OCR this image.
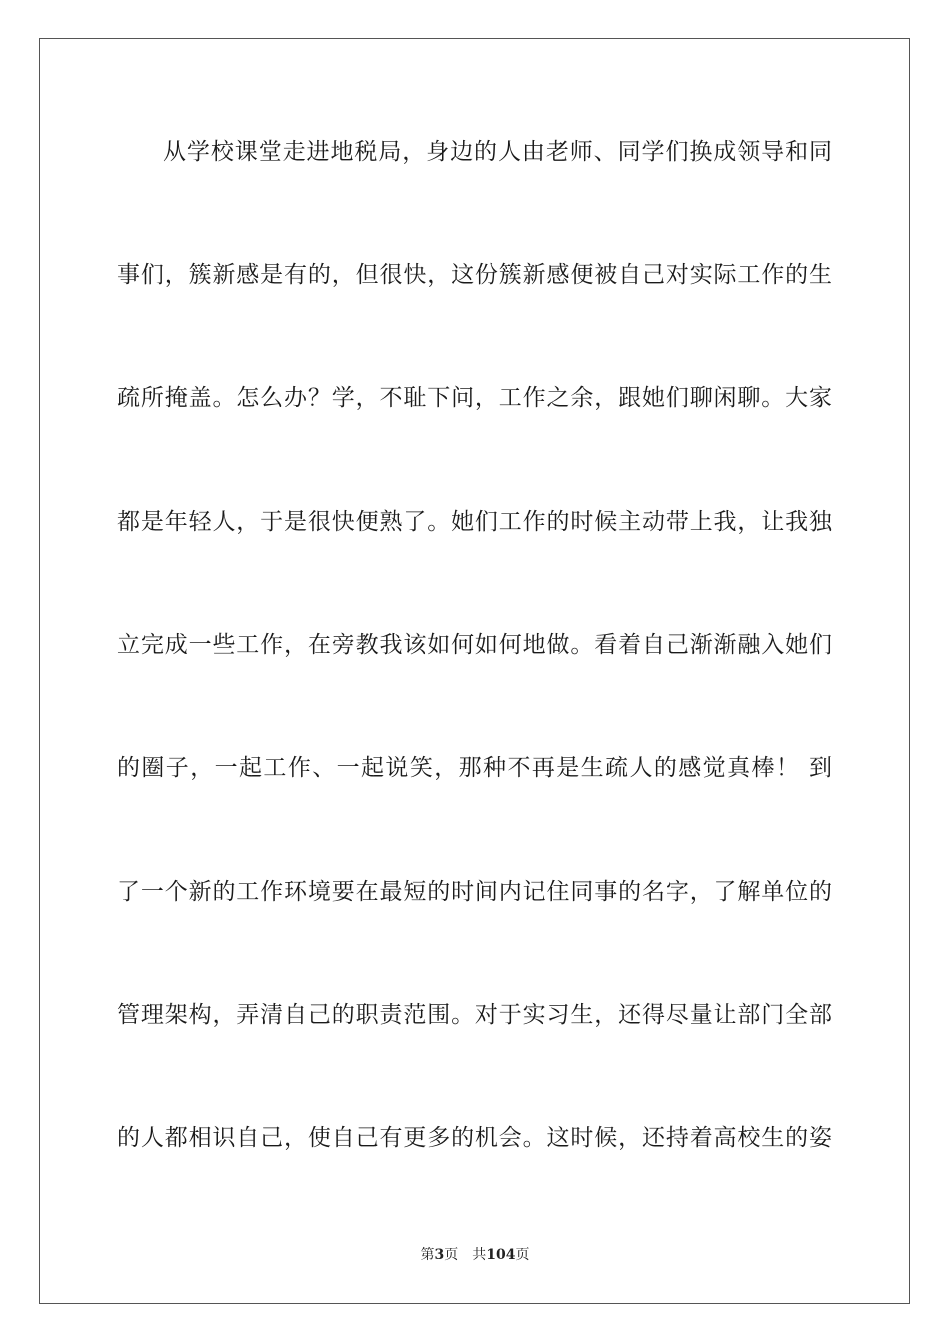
从学校课堂走进地税局，身边的人由老师、同学们换成领导和同
事们，簇新感是有的，但很快，这份簇新感便被自己对实际工作的生
疏所掩盖。怎么办？学，不耻下问，工作之余，跟她们聊闲聊。大家
都是年轻人，于是很快便熟了。她们工作的时候主动带上我，让我独
立完成一些工作，在旁教我该如何如何地做。看着自己渐渐融入她们
的圈子，一起工作、一起说笑，那种不再是生疏人的感觉真棒！ 到
了一个新的工作环境要在最短的时间内记住同事的名字，了解单位的
管理架构，弄清自己的职责范围。对于实习生，还得尽量让部门全部
的人都相识自己，使自己有更多的机会。这时候，还持着高校生的姿
第3页 共104页
